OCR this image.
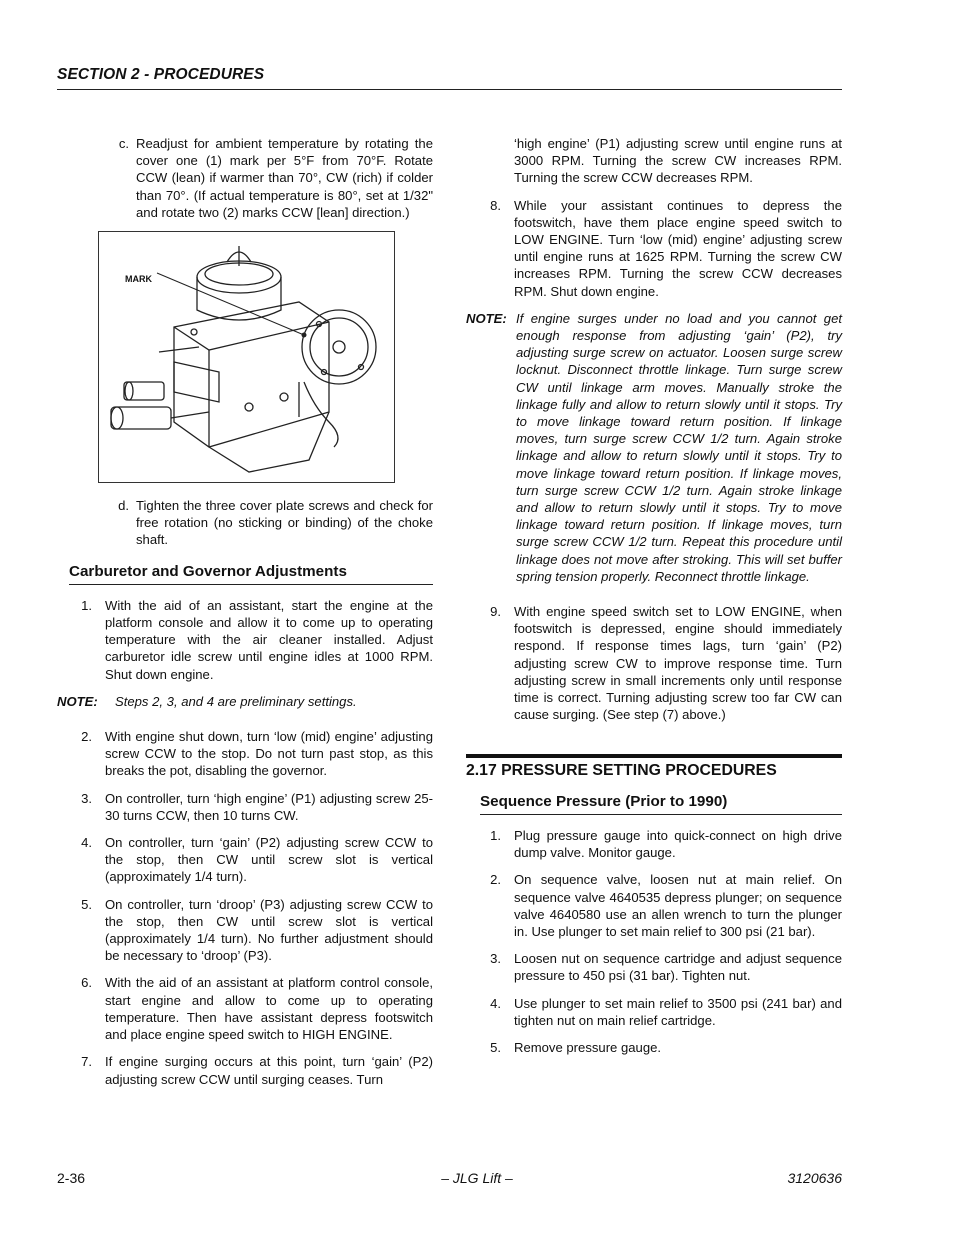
SECTION 2 - PROCEDURES
c. Readjust for ambient temperature by rotating the cover one (1) mark per 5°F from 70°F. Rotate CCW (lean) if warmer than 70°, CW (rich) if colder than 70°. (If actual temperature is 80°, set at 1/32" and rotate two (2) marks CCW [lean] direction.)
MARK
d. Tighten the three cover plate screws and check for free rotation (no sticking or binding) of the choke shaft.
Carburetor and Governor Adjustments
1. With the aid of an assistant, start the engine at the platform console and allow it to come up to operating temperature with the air cleaner installed. Adjust carburetor idle screw until engine idles at 1000 RPM. Shut down engine.
NOTE:	Steps 2, 3, and 4 are preliminary settings.
2. With engine shut down, turn ‘low (mid) engine’ adjusting screw CCW to the stop. Do not turn past stop, as this breaks the pot, disabling the governor.
3. On controller, turn ‘high engine’ (P1) adjusting screw 25-30 turns CCW, then 10 turns CW.
4. On controller, turn ‘gain’ (P2) adjusting screw CCW to the stop, then CW until screw slot is vertical (approximately 1/4 turn).
5. On controller, turn ‘droop’ (P3) adjusting screw CCW to the stop, then CW until screw slot is vertical (approximately 1/4 turn). No further adjustment should be necessary to ‘droop’ (P3).
6. With the aid of an assistant at platform control console, start engine and allow to come up to operating temperature. Then have assistant depress footswitch and place engine speed switch to HIGH ENGINE.
7. If engine surging occurs at this point, turn ‘gain’ (P2) adjusting screw CCW until surging ceases. Turn
‘high engine’ (P1) adjusting screw until engine runs at 3000 RPM. Turning the screw CW increases RPM. Turning the screw CCW decreases RPM.
8. While your assistant continues to depress the footswitch, have them place engine speed switch to LOW ENGINE. Turn ‘low (mid) engine’ adjusting screw until engine runs at 1625 RPM. Turning the screw CW increases RPM. Turning the screw CCW decreases RPM. Shut down engine.
NOTE: If engine surges under no load and you cannot get enough response from adjusting ‘gain’ (P2), try adjusting surge screw on actuator. Loosen surge screw locknut. Disconnect throttle linkage. Turn surge screw CW until linkage arm moves. Manually stroke the linkage fully and allow to return slowly until it stops. Try to move linkage toward return position. If linkage moves, turn surge screw CCW 1/2 turn. Again stroke linkage and allow to return slowly until it stops. Try to move linkage toward return position. If linkage moves, turn surge screw CCW 1/2 turn. Again stroke linkage and allow to return slowly until it stops. Try to move linkage toward return position. If linkage moves, turn surge screw CCW 1/2 turn. Repeat this procedure until linkage does not move after stroking. This will set buffer spring tension properly. Reconnect throttle linkage.
9. With engine speed switch set to LOW ENGINE, when footswitch is depressed, engine should immediately respond. If response times lags, turn ‘gain’ (P2) adjusting screw CW to improve response time. Turn adjusting screw in small increments only until response time is correct. Turning adjusting screw too far CW can cause surging. (See step (7) above.)
2.17 PRESSURE SETTING PROCEDURES
Sequence Pressure (Prior to 1990)
1. Plug pressure gauge into quick-connect on high drive dump valve. Monitor gauge.
2. On sequence valve, loosen nut at main relief. On sequence valve 4640535 depress plunger; on sequence valve 4640580 use an allen wrench to turn the plunger in. Use plunger to set main relief to 300 psi (21 bar).
3. Loosen nut on sequence cartridge and adjust sequence pressure to 450 psi (31 bar). Tighten nut.
4. Use plunger to set main relief to 3500 psi (241 bar) and tighten nut on main relief cartridge.
5. Remove pressure gauge.
2-36	– JLG Lift –	3120636
